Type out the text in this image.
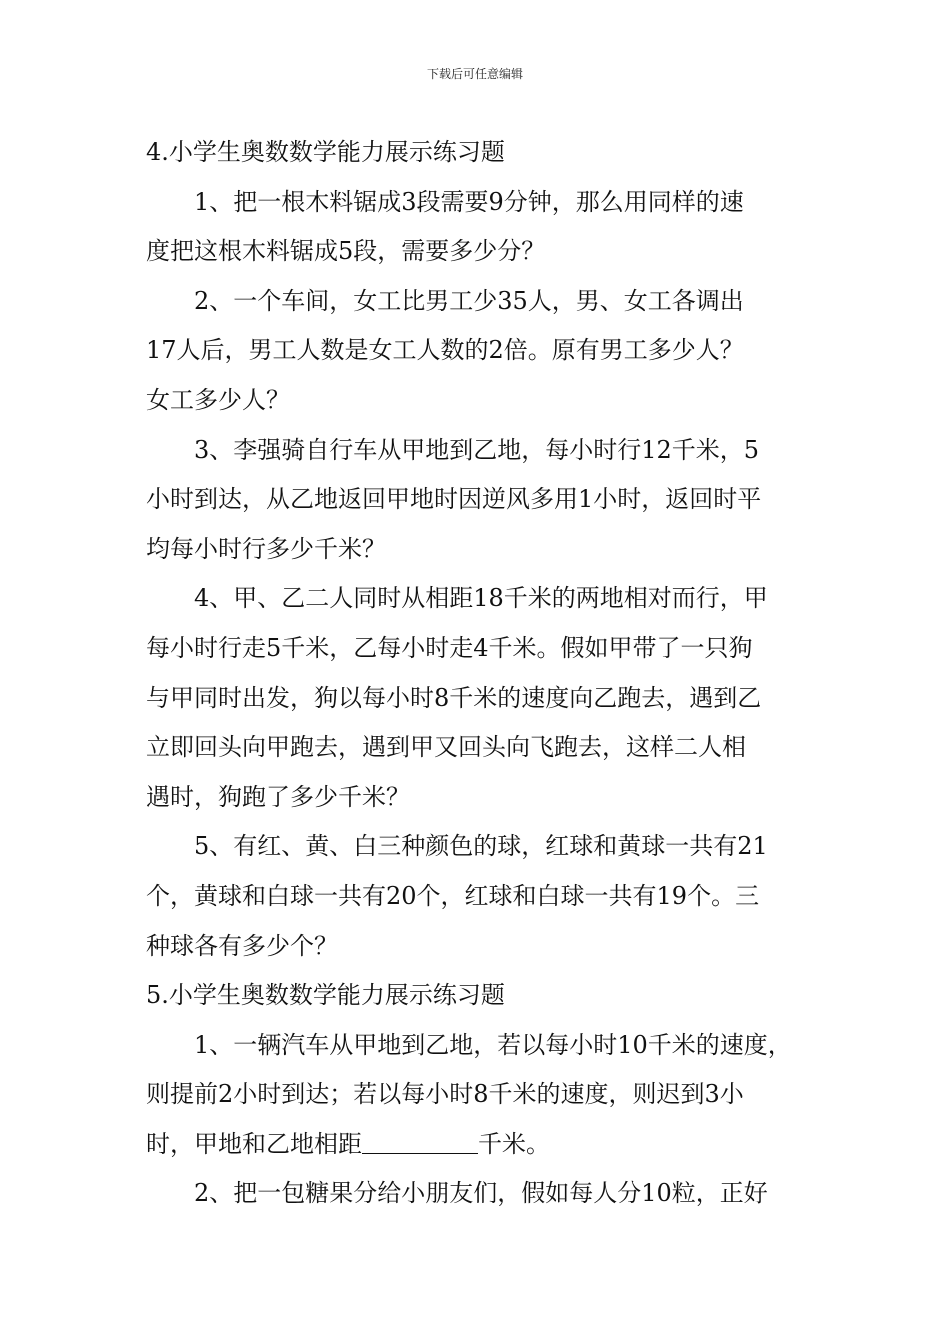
下载后可任意编辑
4.小学生奥数数学能力展示练习题
1、把一根木料锯成3段需要9分钟，那么用同样的速
度把这根木料锯成5段，需要多少分？
2、一个车间，女工比男工少35人，男、女工各调出
17人后，男工人数是女工人数的2倍。原有男工多少人？
女工多少人？
3、李强骑自行车从甲地到乙地，每小时行12千米，5
小时到达，从乙地返回甲地时因逆风多用1小时，返回时平
均每小时行多少千米？
4、甲、乙二人同时从相距18千米的两地相对而行，甲
每小时行走5千米，乙每小时走4千米。假如甲带了一只狗
与甲同时出发，狗以每小时8千米的速度向乙跑去，遇到乙
立即回头向甲跑去，遇到甲又回头向飞跑去，这样二人相
遇时，狗跑了多少千米？
5、有红、黄、白三种颜色的球，红球和黄球一共有21
个，黄球和白球一共有20个，红球和白球一共有19个。三
种球各有多少个？
5.小学生奥数数学能力展示练习题
1、一辆汽车从甲地到乙地，若以每小时10千米的速度，
则提前2小时到达；若以每小时8千米的速度，则迟到3小
时，甲地和乙地相距	千米。
2、把一包糖果分给小朋友们，假如每人分10粒，正好
